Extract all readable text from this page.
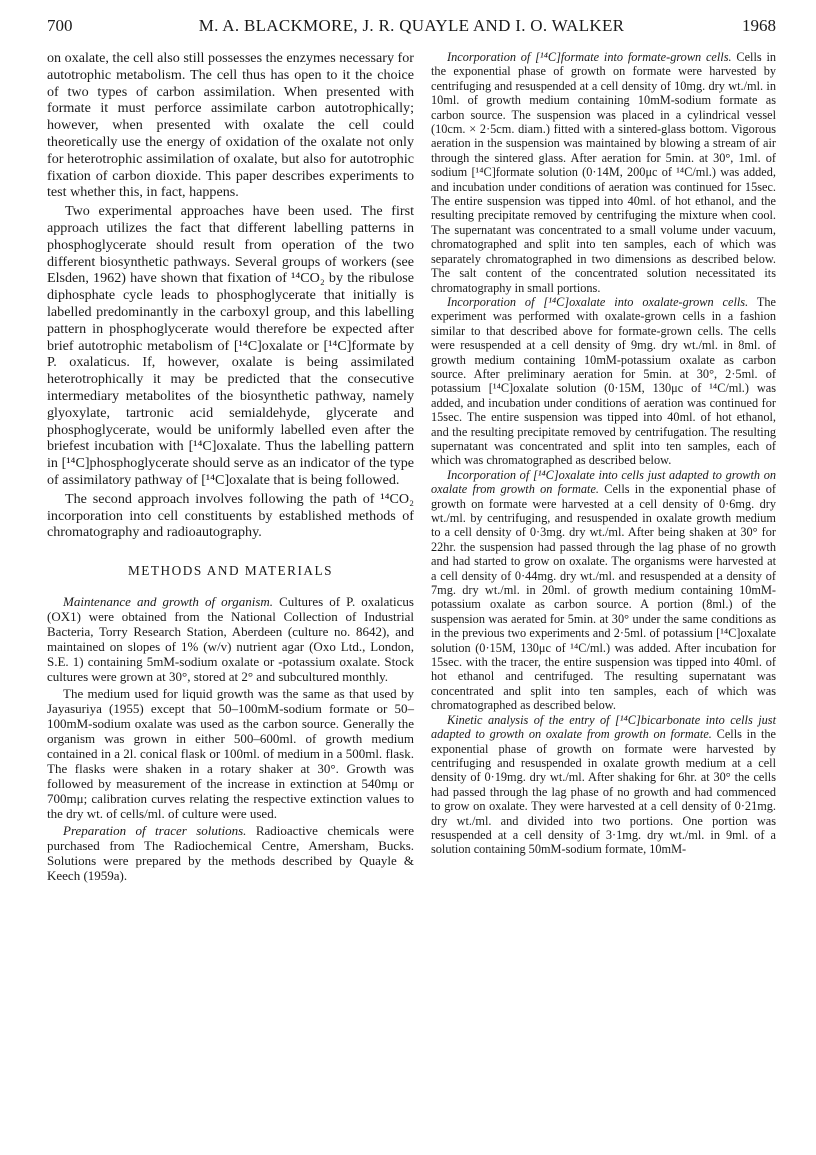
700	M. A. BLACKMORE, J. R. QUAYLE AND I. O. WALKER	1968

on oxalate, the cell also still possesses the enzymes necessary for autotrophic metabolism. The cell thus has open to it the choice of two types of carbon assimilation. When presented with formate it must perforce assimilate carbon autotrophically; however, when presented with oxalate the cell could theoretically use the energy of oxidation of the oxalate not only for heterotrophic assimilation of oxalate, but also for autotrophic fixation of carbon dioxide. This paper describes experiments to test whether this, in fact, happens.

Two experimental approaches have been used. The first approach utilizes the fact that different labelling patterns in phosphoglycerate should result from operation of the two different biosynthetic pathways. Several groups of workers (see Elsden, 1962) have shown that fixation of ¹⁴CO₂ by the ribulose diphosphate cycle leads to phosphoglycerate that initially is labelled predominantly in the carboxyl group, and this labelling pattern in phosphoglycerate would therefore be expected after brief autotrophic metabolism of [¹⁴C]oxalate or [¹⁴C]formate by P. oxalaticus. If, however, oxalate is being assimilated heterotrophically it may be predicted that the consecutive intermediary metabolites of the biosynthetic pathway, namely glyoxylate, tartronic acid semialdehyde, glycerate and phosphoglycerate, would be uniformly labelled even after the briefest incubation with [¹⁴C]oxalate. Thus the labelling pattern in [¹⁴C]phosphoglycerate should serve as an indicator of the type of assimilatory pathway of [¹⁴C]oxalate that is being followed.

The second approach involves following the path of ¹⁴CO₂ incorporation into cell constituents by established methods of chromatography and radioautography.

METHODS AND MATERIALS

Maintenance and growth of organism. Cultures of P. oxalaticus (OX1) were obtained from the National Collection of Industrial Bacteria, Torry Research Station, Aberdeen (culture no. 8642), and maintained on slopes of 1% (w/v) nutrient agar (Oxo Ltd., London, S.E. 1) containing 5mM-sodium oxalate or -potassium oxalate. Stock cultures were grown at 30°, stored at 2° and subcultured monthly.

The medium used for liquid growth was the same as that used by Jayasuriya (1955) except that 50–100mM-sodium formate or 50–100mM-sodium oxalate was used as the carbon source. Generally the organism was grown in either 500–600ml. of growth medium contained in a 2l. conical flask or 100ml. of medium in a 500ml. flask. The flasks were shaken in a rotary shaker at 30°. Growth was followed by measurement of the increase in extinction at 540mμ or 700mμ; calibration curves relating the respective extinction values to the dry wt. of cells/ml. of culture were used.

Preparation of tracer solutions. Radioactive chemicals were purchased from The Radiochemical Centre, Amersham, Bucks. Solutions were prepared by the methods described by Quayle & Keech (1959a).

Incorporation of [¹⁴C]formate into formate-grown cells. Cells in the exponential phase of growth on formate were harvested by centrifuging and resuspended at a cell density of 10mg. dry wt./ml. in 10ml. of growth medium containing 10mM-sodium formate as carbon source. The suspension was placed in a cylindrical vessel (10cm. × 2·5cm. diam.) fitted with a sintered-glass bottom. Vigorous aeration in the suspension was maintained by blowing a stream of air through the sintered glass. After aeration for 5min. at 30°, 1ml. of sodium [¹⁴C]formate solution (0·14M, 200μc of ¹⁴C/ml.) was added, and incubation under conditions of aeration was continued for 15sec. The entire suspension was tipped into 40ml. of hot ethanol, and the resulting precipitate removed by centrifuging the mixture when cool. The supernatant was concentrated to a small volume under vacuum, chromatographed and split into ten samples, each of which was separately chromatographed in two dimensions as described below. The salt content of the concentrated solution necessitated its chromatography in small portions.

Incorporation of [¹⁴C]oxalate into oxalate-grown cells. The experiment was performed with oxalate-grown cells in a fashion similar to that described above for formate-grown cells. The cells were resuspended at a cell density of 9mg. dry wt./ml. in 8ml. of growth medium containing 10mM-potassium oxalate as carbon source. After preliminary aeration for 5min. at 30°, 2·5ml. of potassium [¹⁴C]oxalate solution (0·15M, 130μc of ¹⁴C/ml.) was added, and incubation under conditions of aeration was continued for 15sec. The entire suspension was tipped into 40ml. of hot ethanol, and the resulting precipitate removed by centrifugation. The resulting supernatant was concentrated and split into ten samples, each of which was chromatographed as described below.

Incorporation of [¹⁴C]oxalate into cells just adapted to growth on oxalate from growth on formate. Cells in the exponential phase of growth on formate were harvested at a cell density of 0·6mg. dry wt./ml. by centrifuging, and resuspended in oxalate growth medium to a cell density of 0·3mg. dry wt./ml. After being shaken at 30° for 22hr. the suspension had passed through the lag phase of no growth and had started to grow on oxalate. The organisms were harvested at a cell density of 0·44mg. dry wt./ml. and resuspended at a density of 7mg. dry wt./ml. in 20ml. of growth medium containing 10mM-potassium oxalate as carbon source. A portion (8ml.) of the suspension was aerated for 5min. at 30° under the same conditions as in the previous two experiments and 2·5ml. of potassium [¹⁴C]oxalate solution (0·15M, 130μc of ¹⁴C/ml.) was added. After incubation for 15sec. with the tracer, the entire suspension was tipped into 40ml. of hot ethanol and centrifuged. The resulting supernatant was concentrated and split into ten samples, each of which was chromatographed as described below.

Kinetic analysis of the entry of [¹⁴C]bicarbonate into cells just adapted to growth on oxalate from growth on formate. Cells in the exponential phase of growth on formate were harvested by centrifuging and resuspended in oxalate growth medium at a cell density of 0·19mg. dry wt./ml. After shaking for 6hr. at 30° the cells had passed through the lag phase of no growth and had commenced to grow on oxalate. They were harvested at a cell density of 0·21mg. dry wt./ml. and divided into two portions. One portion was resuspended at a cell density of 3·1mg. dry wt./ml. in 9ml. of a solution containing 50mM-sodium formate, 10mM-
